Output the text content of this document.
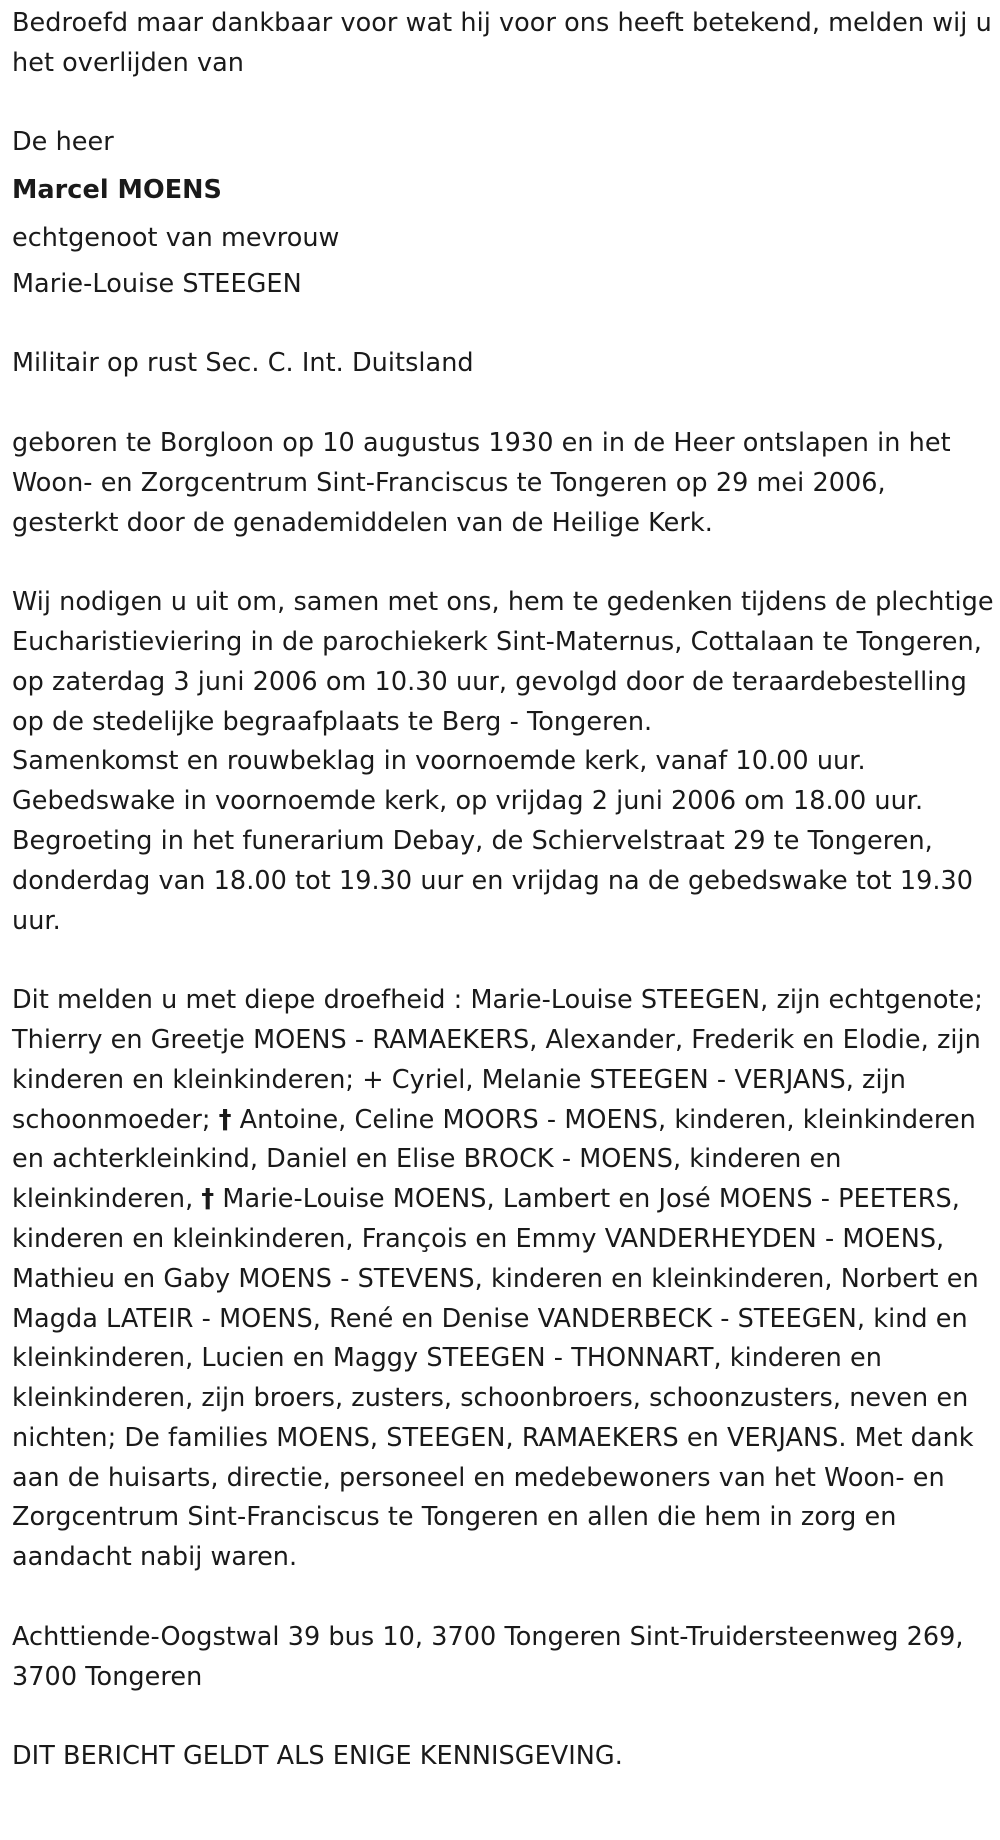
Bedroefd maar dankbaar voor wat hij voor ons heeft betekend, melden wij u het overlijden van

De heer

Marcel MOENS

echtgenoot van mevrouw

Marie-Louise STEEGEN

Militair op rust Sec. C. Int. Duitsland

geboren te Borgloon op 10 augustus 1930 en in de Heer ontslapen in het Woon- en Zorgcentrum Sint-Franciscus te Tongeren op 29 mei 2006, gesterkt door de genademiddelen van de Heilige Kerk.

Wij nodigen u uit om, samen met ons, hem te gedenken tijdens de plechtige Eucharistieviering in de parochiekerk Sint-Maternus, Cottalaan te Tongeren, op zaterdag 3 juni 2006 om 10.30 uur, gevolgd door de teraardebestelling op de stedelijke begraafplaats te Berg - Tongeren.
Samenkomst en rouwbeklag in voornoemde kerk, vanaf 10.00 uur.
Gebedswake in voornoemde kerk, op vrijdag 2 juni 2006 om 18.00 uur.
Begroeting in het funerarium Debay, de Schiervelstraat 29 te Tongeren, donderdag van 18.00 tot 19.30 uur en vrijdag na de gebedswake tot 19.30 uur.

Dit melden u met diepe droefheid : Marie-Louise STEEGEN, zijn echtgenote; Thierry en Greetje MOENS - RAMAEKERS, Alexander, Frederik en Elodie, zijn kinderen en kleinkinderen; + Cyriel, Melanie STEEGEN - VERJANS, zijn schoonmoeder; † Antoine, Celine MOORS - MOENS, kinderen, kleinkinderen en achterkleinkind, Daniel en Elise BROCK - MOENS, kinderen en kleinkinderen, † Marie-Louise MOENS, Lambert en José MOENS - PEETERS, kinderen en kleinkinderen, François en Emmy VANDERHEYDEN - MOENS, Mathieu en Gaby MOENS - STEVENS, kinderen en kleinkinderen, Norbert en Magda LATEIR - MOENS, René en Denise VANDERBECK - STEEGEN, kind en kleinkinderen, Lucien en Maggy STEEGEN - THONNART, kinderen en kleinkinderen, zijn broers, zusters, schoonbroers, schoonzusters, neven en nichten; De families MOENS, STEEGEN, RAMAEKERS en VERJANS. Met dank aan de huisarts, directie, personeel en medebewoners van het Woon- en Zorgcentrum Sint-Franciscus te Tongeren en allen die hem in zorg en aandacht nabij waren.

Achttiende-Oogstwal 39 bus 10, 3700 Tongeren Sint-Truidersteenweg 269, 3700 Tongeren

DIT BERICHT GELDT ALS ENIGE KENNISGEVING.
